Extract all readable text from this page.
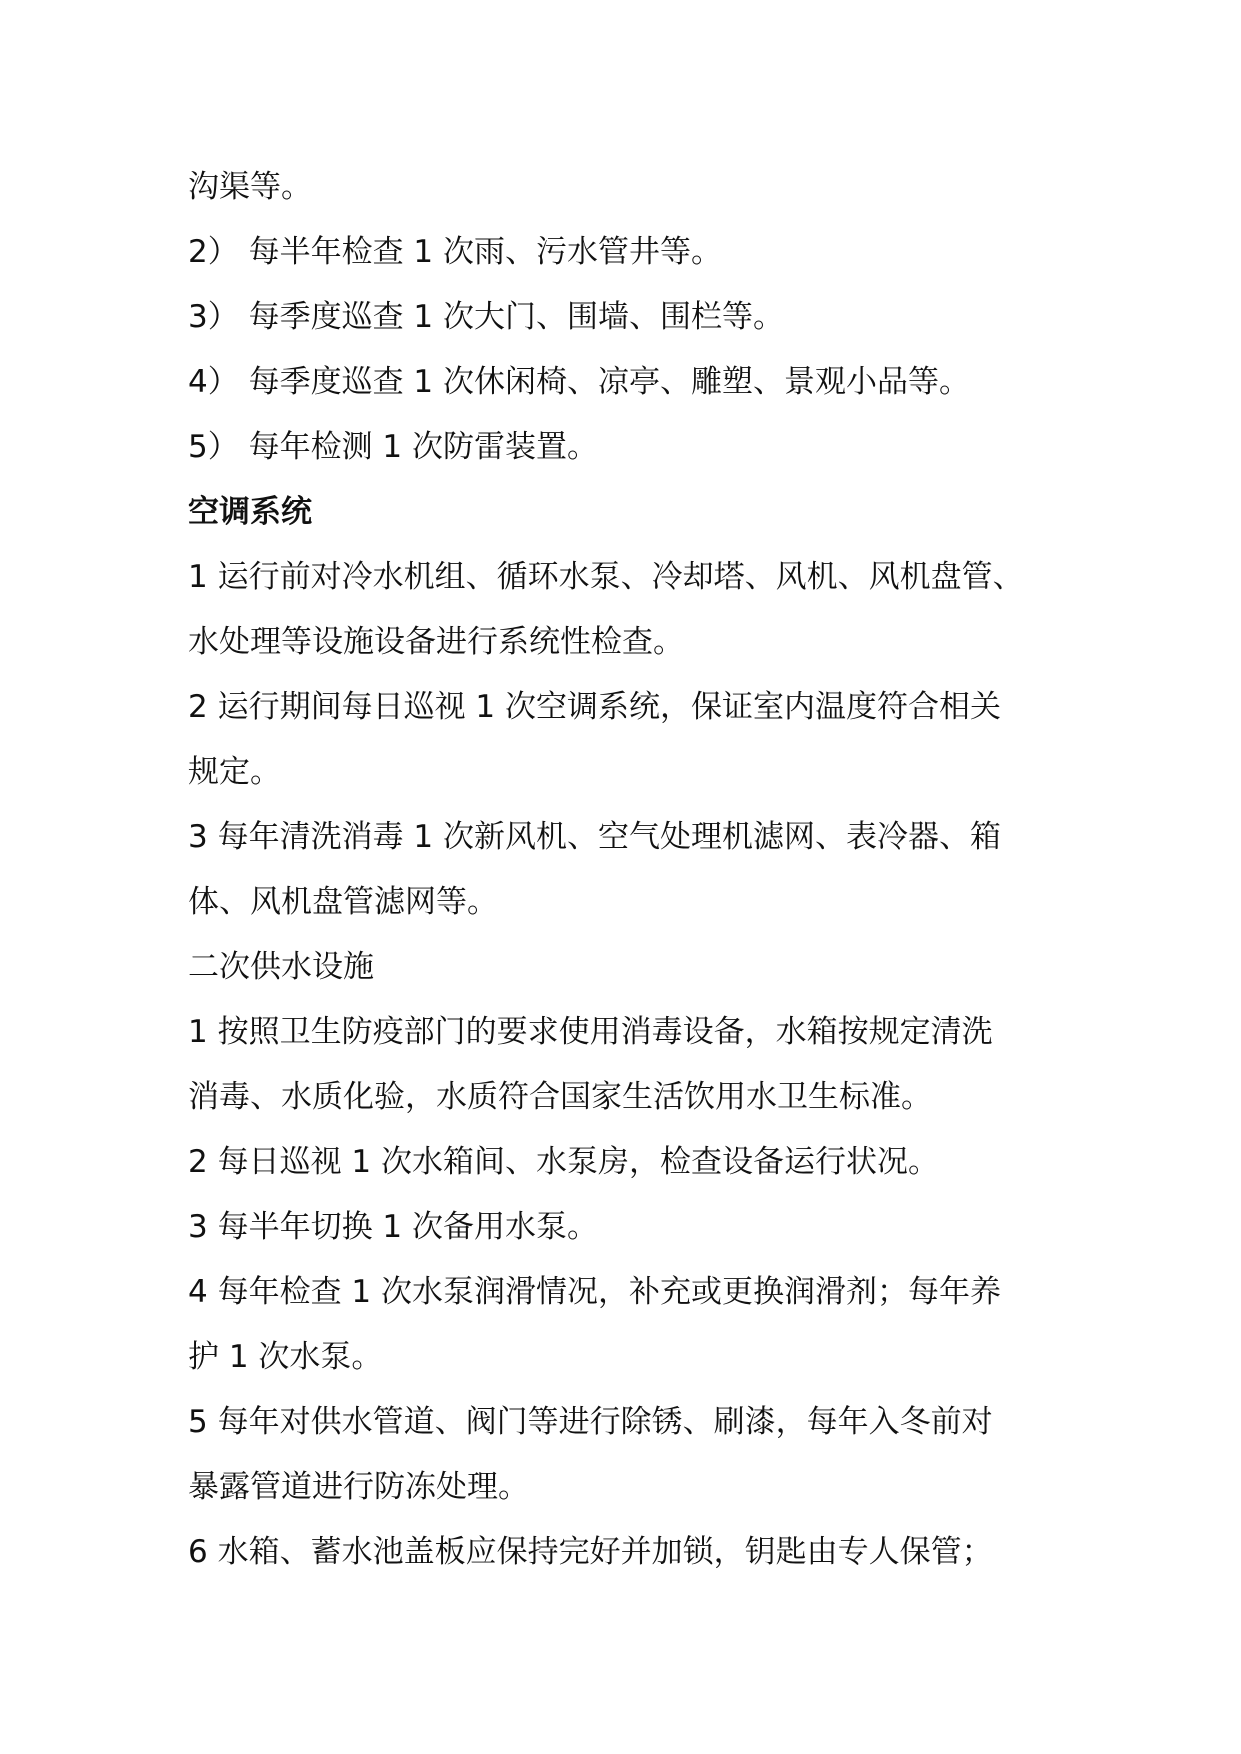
沟渠等。
2） 每半年检查 1 次雨、污水管井等。
3） 每季度巡查 1 次大门、围墙、围栏等。
4） 每季度巡查 1 次休闲椅、凉亭、雕塑、景观小品等。
5） 每年检测 1 次防雷装置。
空调系统
1 运行前对冷水机组、循环水泵、冷却塔、风机、风机盘管、
水处理等设施设备进行系统性检查。
2 运行期间每日巡视 1 次空调系统，保证室内温度符合相关
规定。
3 每年清洗消毒 1 次新风机、空气处理机滤网、表冷器、箱
体、风机盘管滤网等。
二次供水设施
1 按照卫生防疫部门的要求使用消毒设备，水箱按规定清洗
消毒、水质化验，水质符合国家生活饮用水卫生标准。
2 每日巡视 1 次水箱间、水泵房，检查设备运行状况。
3 每半年切换 1 次备用水泵。
4 每年检查 1 次水泵润滑情况，补充或更换润滑剂；每年养
护 1 次水泵。
5 每年对供水管道、阀门等进行除锈、刷漆，每年入冬前对
暴露管道进行防冻处理。
6 水箱、蓄水池盖板应保持完好并加锁，钥匙由专人保管；
